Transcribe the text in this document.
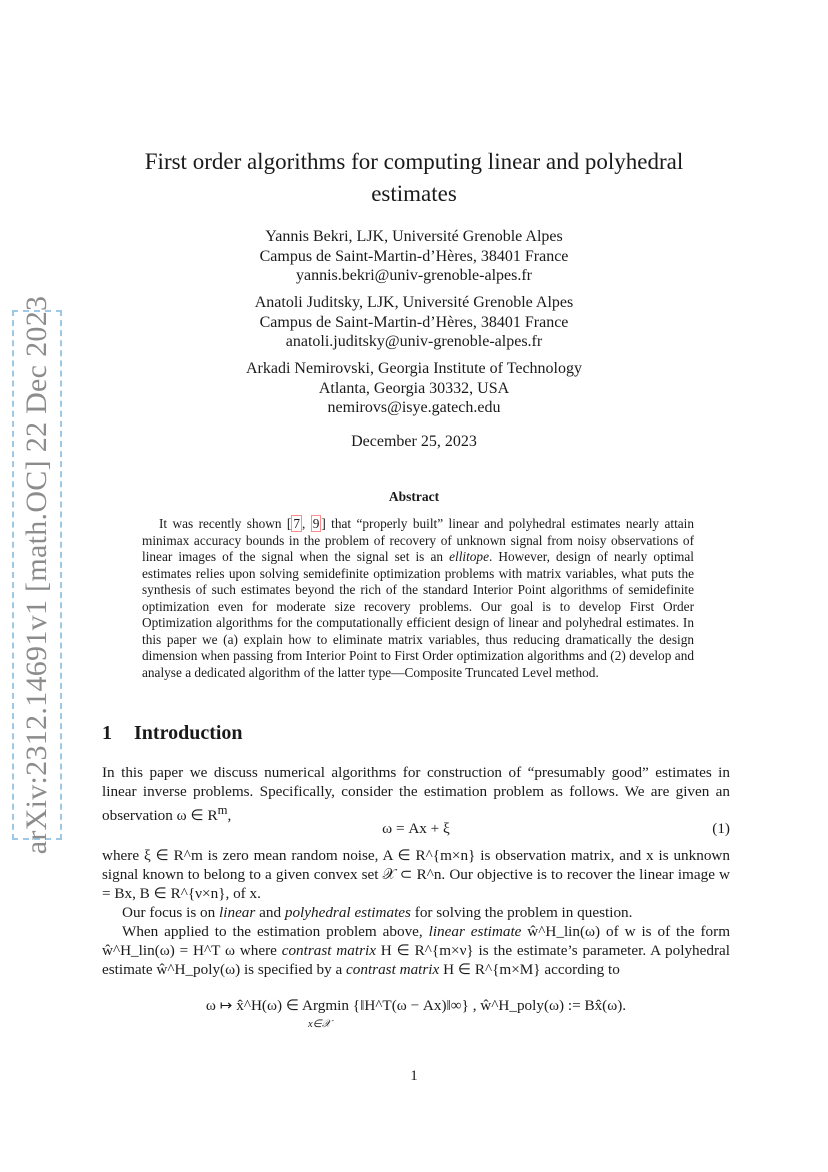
arXiv:2312.14691v1 [math.OC] 22 Dec 2023
First order algorithms for computing linear and polyhedral
estimates
Yannis Bekri, LJK, Université Grenoble Alpes
Campus de Saint-Martin-d’Hères, 38401 France
yannis.bekri@univ-grenoble-alpes.fr
Anatoli Juditsky, LJK, Université Grenoble Alpes
Campus de Saint-Martin-d’Hères, 38401 France
anatoli.juditsky@univ-grenoble-alpes.fr
Arkadi Nemirovski, Georgia Institute of Technology
Atlanta, Georgia 30332, USA
nemirovs@isye.gatech.edu
December 25, 2023
Abstract

It was recently shown [ 7 , 9 ] that “properly built” linear and polyhedral estimates nearly attain minimax accuracy bounds in the problem of recovery of unknown signal from noisy observations of linear images of the signal when the signal set is an ellitope. However, design of nearly optimal estimates relies upon solving semidefinite optimization problems with matrix variables, what puts the synthesis of such estimates beyond the rich of the standard Interior Point algorithms of semidefinite optimization even for moderate size recovery problems. Our goal is to develop First Order Optimization algorithms for the computationally efficient design of linear and polyhedral estimates. In this paper we (a) explain how to eliminate matrix variables, thus reducing dramatically the design dimension when passing from Interior Point to First Order optimization algorithms and (2) develop and analyse a dedicated algorithm of the latter type—Composite Truncated Level method.

1 Introduction

In this paper we discuss numerical algorithms for construction of “presumably good” estimates in linear inverse problems. Specifically, consider the estimation problem as follows. We are given an observation ω ∈ $R^m$,

ω = Ax + ξ	(1)

where ξ ∈ R^m is zero mean random noise, A ∈ R^{m×n} is observation matrix, and x is unknown signal known to belong to a given convex set 𝒳 ⊂ R^n. Our objective is to recover the linear image w = Bx, B ∈ R^{ν×n}, of x.

Our focus is on linear and polyhedral estimates for solving the problem in question.

When applied to the estimation problem above, linear estimate ŵ^H_lin(ω) of w is of the form ŵ^H_lin(ω) = H^T ω where contrast matrix H ∈ R^{m×ν} is the estimate’s parameter. A polyhedral estimate ŵ^H_poly(ω) is specified by a contrast matrix H ∈ R^{m×M} according to

ω ↦ x̂^H(ω) ∈ Argmin {‖H^T(ω − Ax)‖∞} , ŵ^H_poly(ω) := Bx̂(ω).
x∈𝒳
1
